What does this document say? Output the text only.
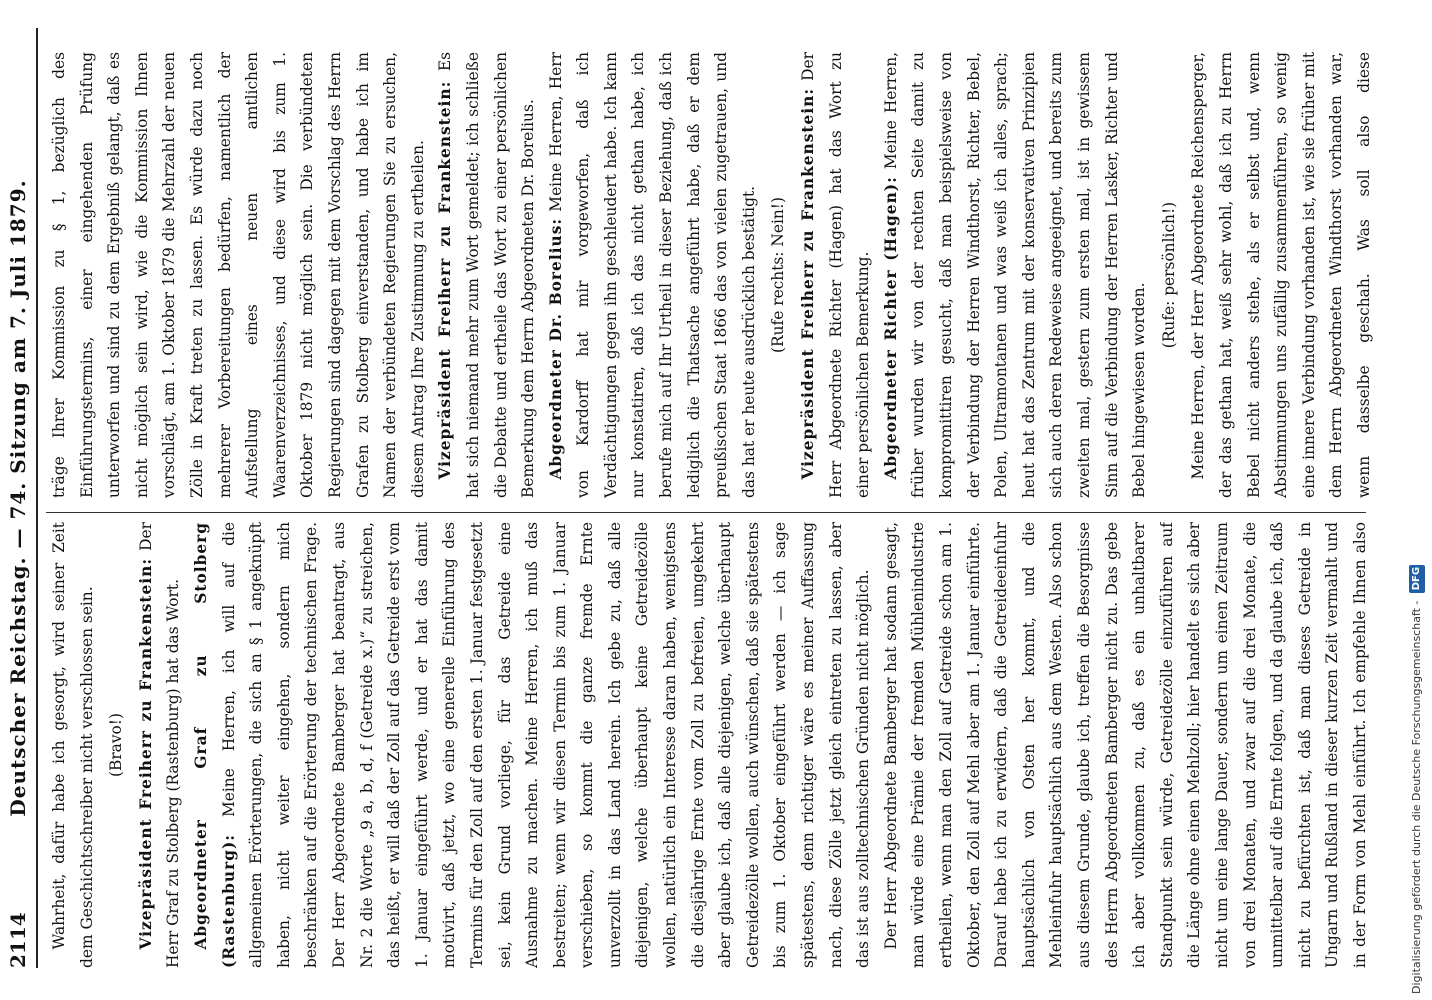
2114
Deutscher Reichstag. — 74. Sitzung am 7. Juli 1879. Wahrheit, dafür habe ich gesorgt, wird seiner Zeit dem Geschichtschreiber nicht verschlossen sein. (Bravo!) Vizepräsident Freiherr zu Frankenstein: Der Herr Graf zu Stolberg (Rastenburg) hat das Wort. Abgeordneter Graf zu Stolberg (Rastenburg): Meine Herren, ich will auf die allgemeinen Erörterungen, die sich an § 1 angeknüpft haben, nicht weiter eingehen, sondern mich beschränken auf die Erörterung der technischen Frage. Der Herr Abgeordnete Bamberger hat beantragt, aus Nr. 2 die Worte „9 a, b, d, f (Getreide x.)“ zu streichen, das heißt, er will daß der Zoll auf das Getreide erst vom 1. Januar eingeführt werde, und er hat das damit motivirt, daß jetzt, wo eine generelle Einführung des Termins für den Zoll auf den ersten 1. Januar festgesetzt sei, kein Grund vorliege, für das Getreide eine Ausnahme zu machen. Meine Herren, ich muß das bestreiten; wenn wir diesen Termin bis zum 1. Januar verschieben, so kommt die ganze fremde Ernte unverzollt in das Land herein. Ich gebe zu, daß alle diejenigen, welche überhaupt keine Getreidezölle wollen, natürlich ein Interesse daran haben, wenigstens die diesjährige Ernte vom Zoll zu befreien, umgekehrt aber glaube ich, daß alle diejenigen, welche überhaupt Getreidezölle wollen, auch wünschen, daß sie spätestens bis zum 1. Oktober eingeführt werden — ich sage spätestens, denn richtiger wäre es meiner Auffassung nach, diese Zölle jetzt gleich eintreten zu lassen, aber das ist aus zolltechnischen Gründen nicht möglich. Der Herr Abgeordnete Bamberger hat sodann gesagt, man würde eine Prämie der fremden Mühlenindustrie ertheilen, wenn man den Zoll auf Getreide schon am 1. Oktober, den Zoll auf Mehl aber am 1. Januar einführte. Darauf habe ich zu erwidern, daß die Getreideeinfuhr hauptsächlich von Osten her kommt, und die Mehleinfuhr hauptsächlich aus dem Westen. Also schon aus diesem Grunde, glaube ich, treffen die Besorgnisse des Herrn Abgeordneten Bamberger nicht zu. Das gebe ich aber vollkommen zu, daß es ein unhaltbarer Standpunkt sein würde, Getreidezölle einzuführen auf die Länge ohne einen Mehlzoll; hier handelt es sich aber nicht um eine lange Dauer, sondern um einen Zeitraum von drei Monaten, und zwar auf die drei Monate, die unmittelbar auf die Ernte folgen, und da glaube ich, daß nicht zu befürchten ist, daß man dieses Getreide in Ungarn und Rußland in dieser kurzen Zeit vermahlt und in der Form von Mehl einführt. Ich empfehle Ihnen also

träge Ihrer Kommission zu § 1, bezüglich des Einführungstermins, einer eingehenden Prüfung unterworfen und sind zu dem Ergebniß gelangt, daß es nicht möglich sein wird, wie die Kommission Ihnen vorschlägt, am 1. Oktober 1879 die Mehrzahl der neuen Zölle in Kraft treten zu lassen. Es würde dazu noch mehrerer Vorbereitungen bedürfen, namentlich der Aufstellung eines neuen amtlichen Waarenverzeichnisses, und diese wird bis zum 1. Oktober 1879 nicht möglich sein. Die verbündeten Regierungen sind dagegen mit dem Vorschlag des Herrn Grafen zu Stolberg einverstanden, und habe ich im Namen der verbündeten Regierungen Sie zu ersuchen, diesem Antrag Ihre Zustimmung zu ertheilen. Vizepräsident Freiherr zu Frankenstein: Es hat sich niemand mehr zum Wort gemeldet; ich schließe die Debatte und ertheile das Wort zu einer persönlichen Bemerkung dem Herrn Abgeordneten Dr. Borelius. Abgeordneter Dr. Borelius: Meine Herren, Herr von Kardorff hat mir vorgeworfen, daß ich Verdächtigungen gegen ihn geschleudert habe. Ich kann nur konstatiren, daß ich das nicht gethan habe, ich berufe mich auf Ihr Urtheil in dieser Beziehung, daß ich lediglich die Thatsache angeführt habe, daß er dem preußischen Staat 1866 das von vielen zugetrauen, und das hat er heute ausdrücklich bestätigt. (Rufe rechts: Nein!) Vizepräsident Freiherr zu Frankenstein: Der Herr Abgeordnete Richter (Hagen) hat das Wort zu einer persönlichen Bemerkung. Abgeordneter Richter (Hagen): Meine Herren, früher wurden wir von der rechten Seite damit zu kompromittiren gesucht, daß man beispielsweise von der Verbindung der Herren Windthorst, Richter, Bebel, Polen, Ultramontanen und was weiß ich alles, sprach; heut hat das Zentrum mit der konservativen Prinzipien sich auch deren Redeweise angeeignet, und bereits zum zweiten mal, gestern zum ersten mal, ist in gewissem Sinn auf die Verbindung der Herren Lasker, Richter und Bebel hingewiesen worden.

(Rufe: persönlich!)

Meine Herren, der Herr Abgeordnete Reichensperger, der das gethan hat, weiß sehr wohl, daß ich zu Herrn Bebel nicht anders stehe, als er selbst und, wenn Abstimmungen uns zufällig zusammenführen, so wenig eine innere Verbindung vorhanden ist, wie sie früher mit dem Herrn Abgeordneten Windthorst vorhanden war, wenn dasselbe geschah. Was soll also diese

Digitalisierung gefördert durch die Deutsche Forschungsgemeinschaft -DFG
